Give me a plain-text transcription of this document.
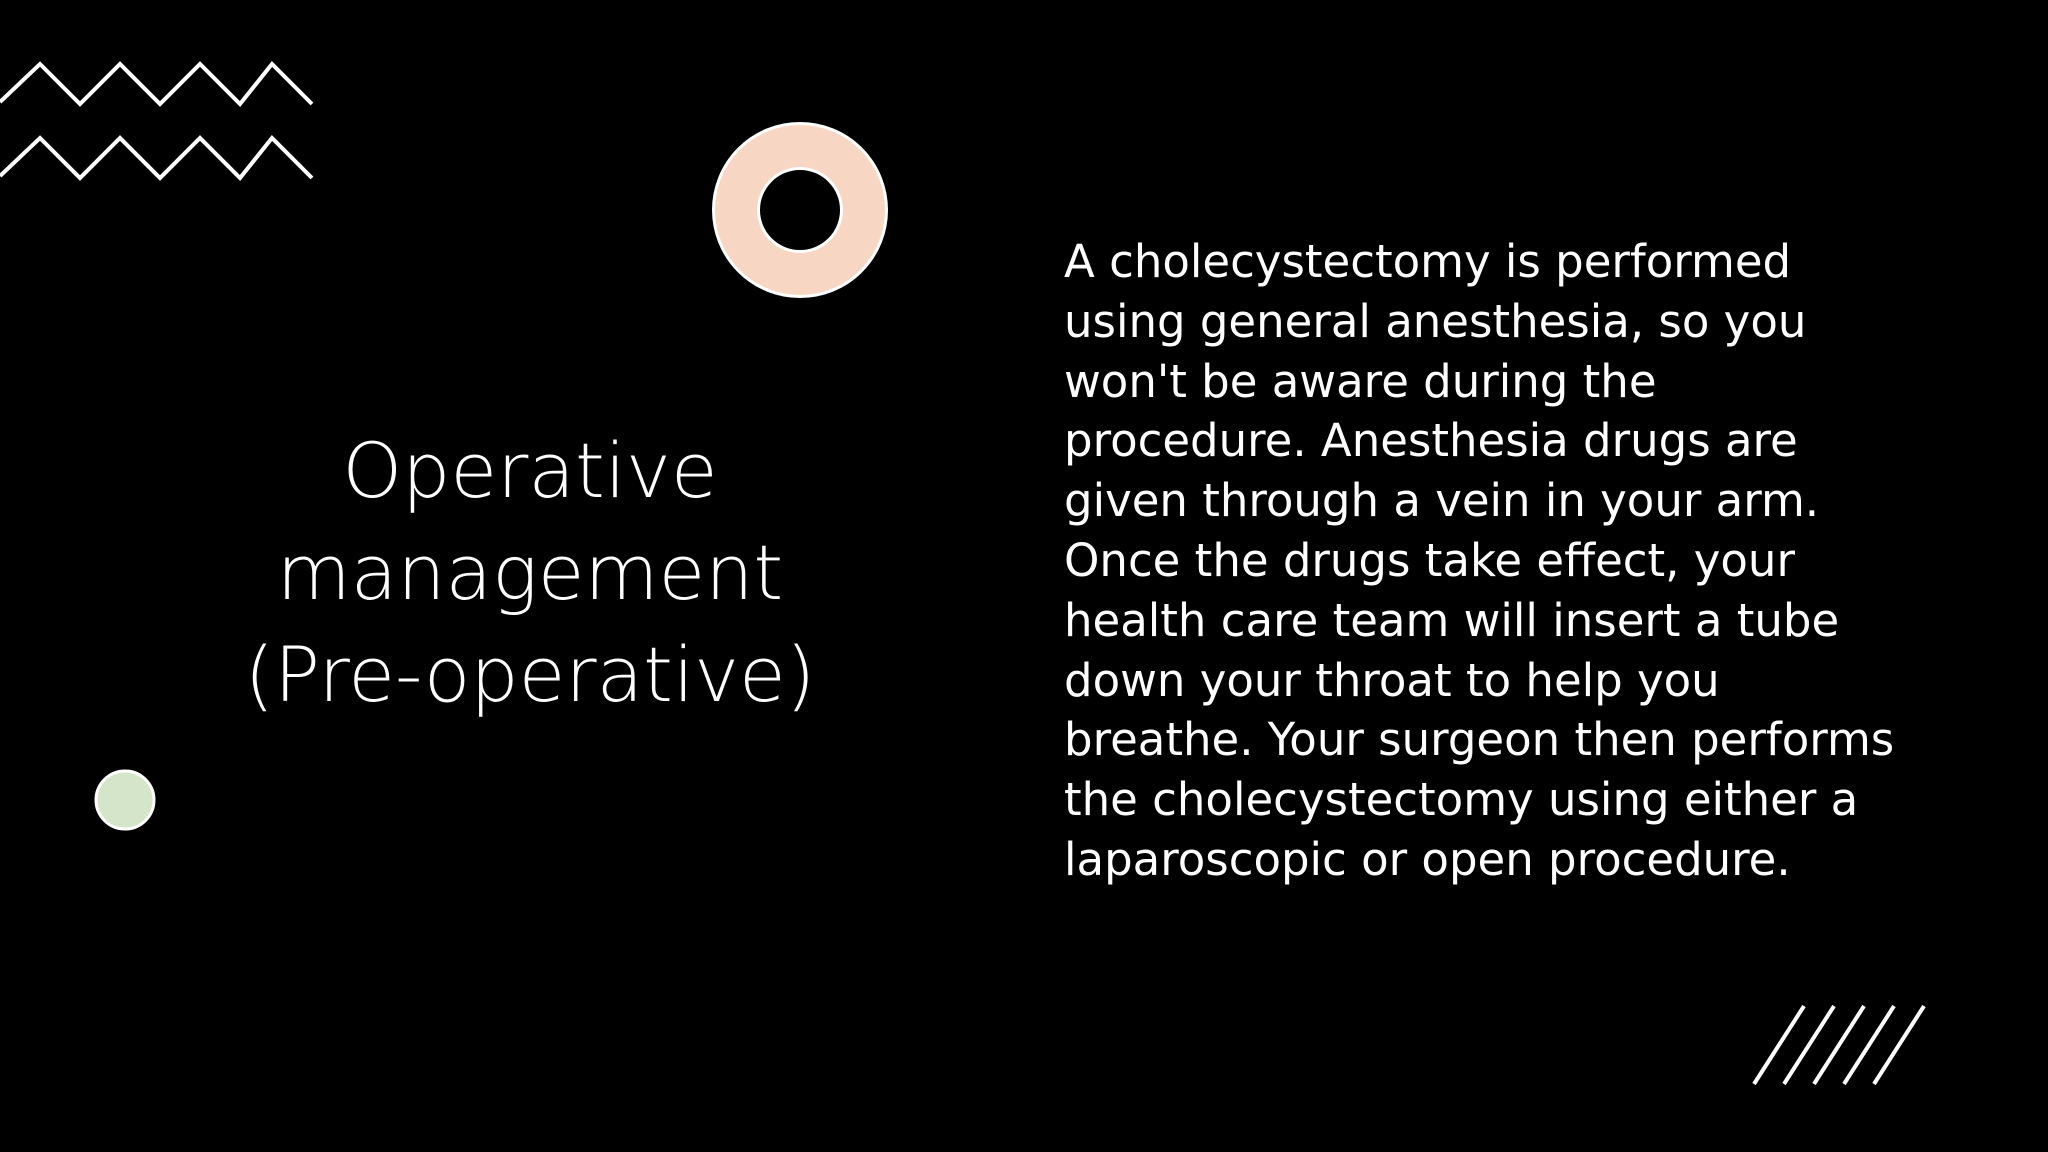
Operative
management
(Pre-operative)

A cholecystectomy is performed
using general anesthesia, so you
won't be aware during the
procedure. Anesthesia drugs are
given through a vein in your arm.
Once the drugs take effect, your
health care team will insert a tube
down your throat to help you
breathe. Your surgeon then performs
the cholecystectomy using either a
laparoscopic or open procedure.
